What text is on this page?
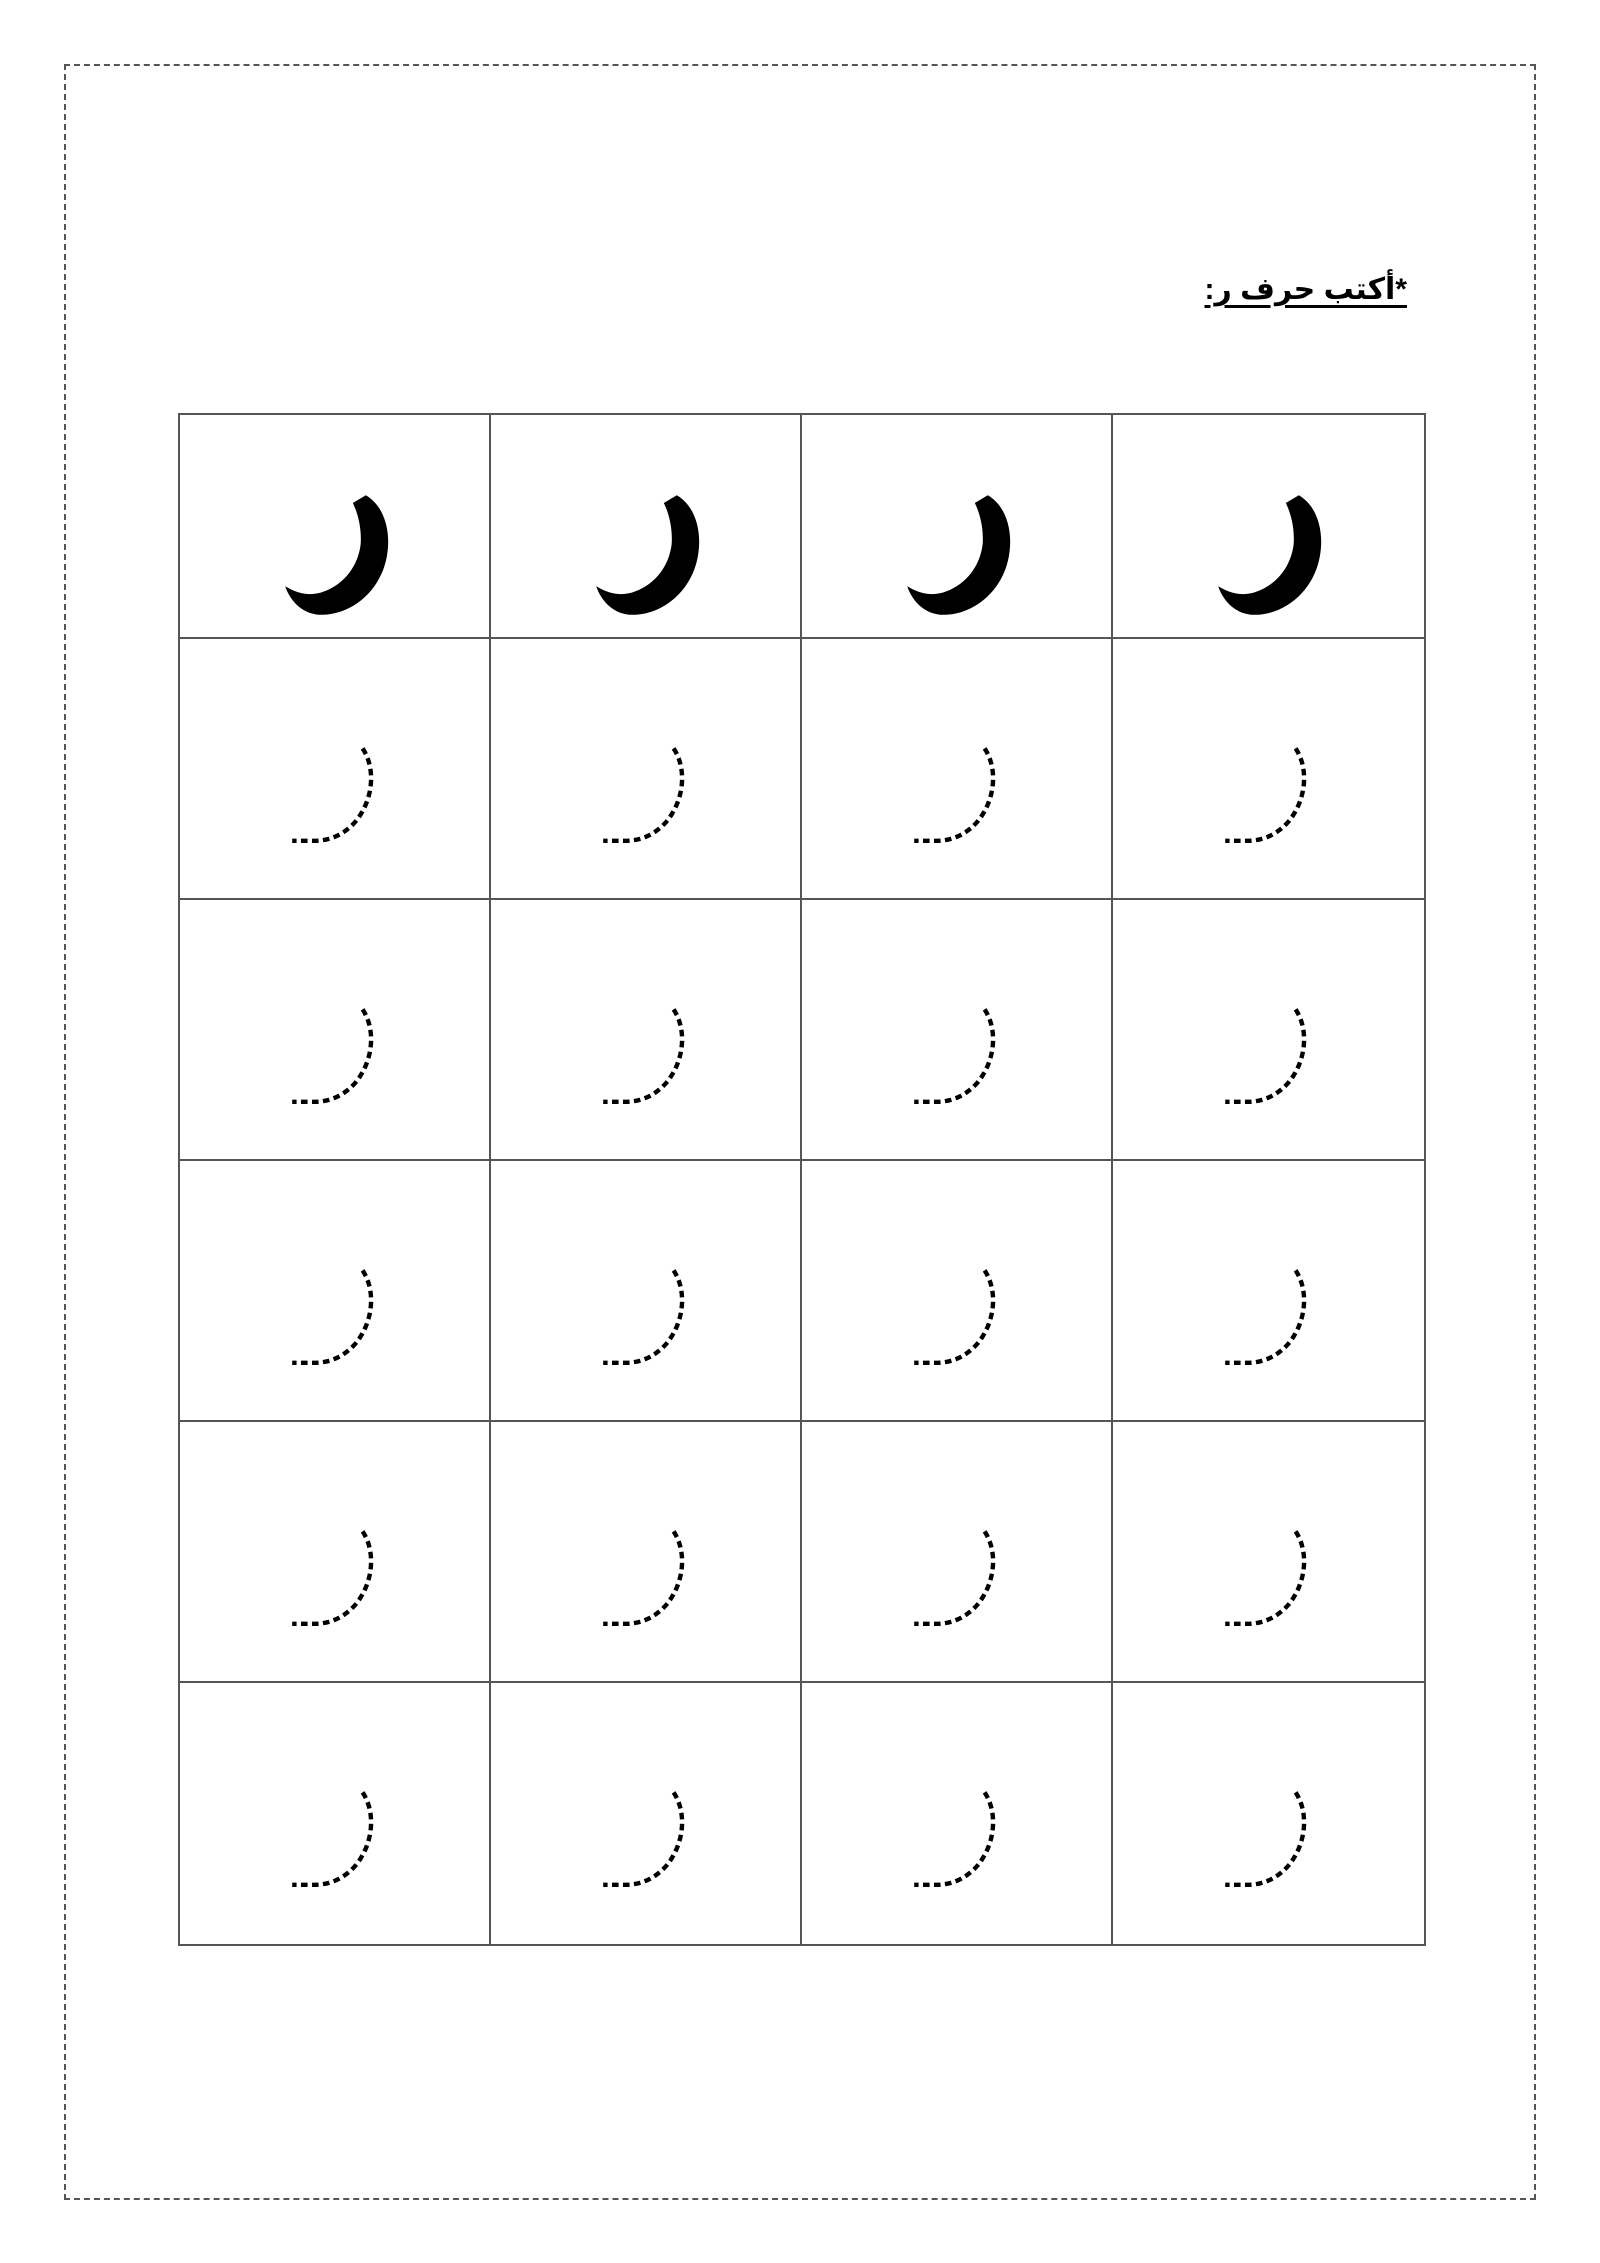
*أكتب حرف ر:
